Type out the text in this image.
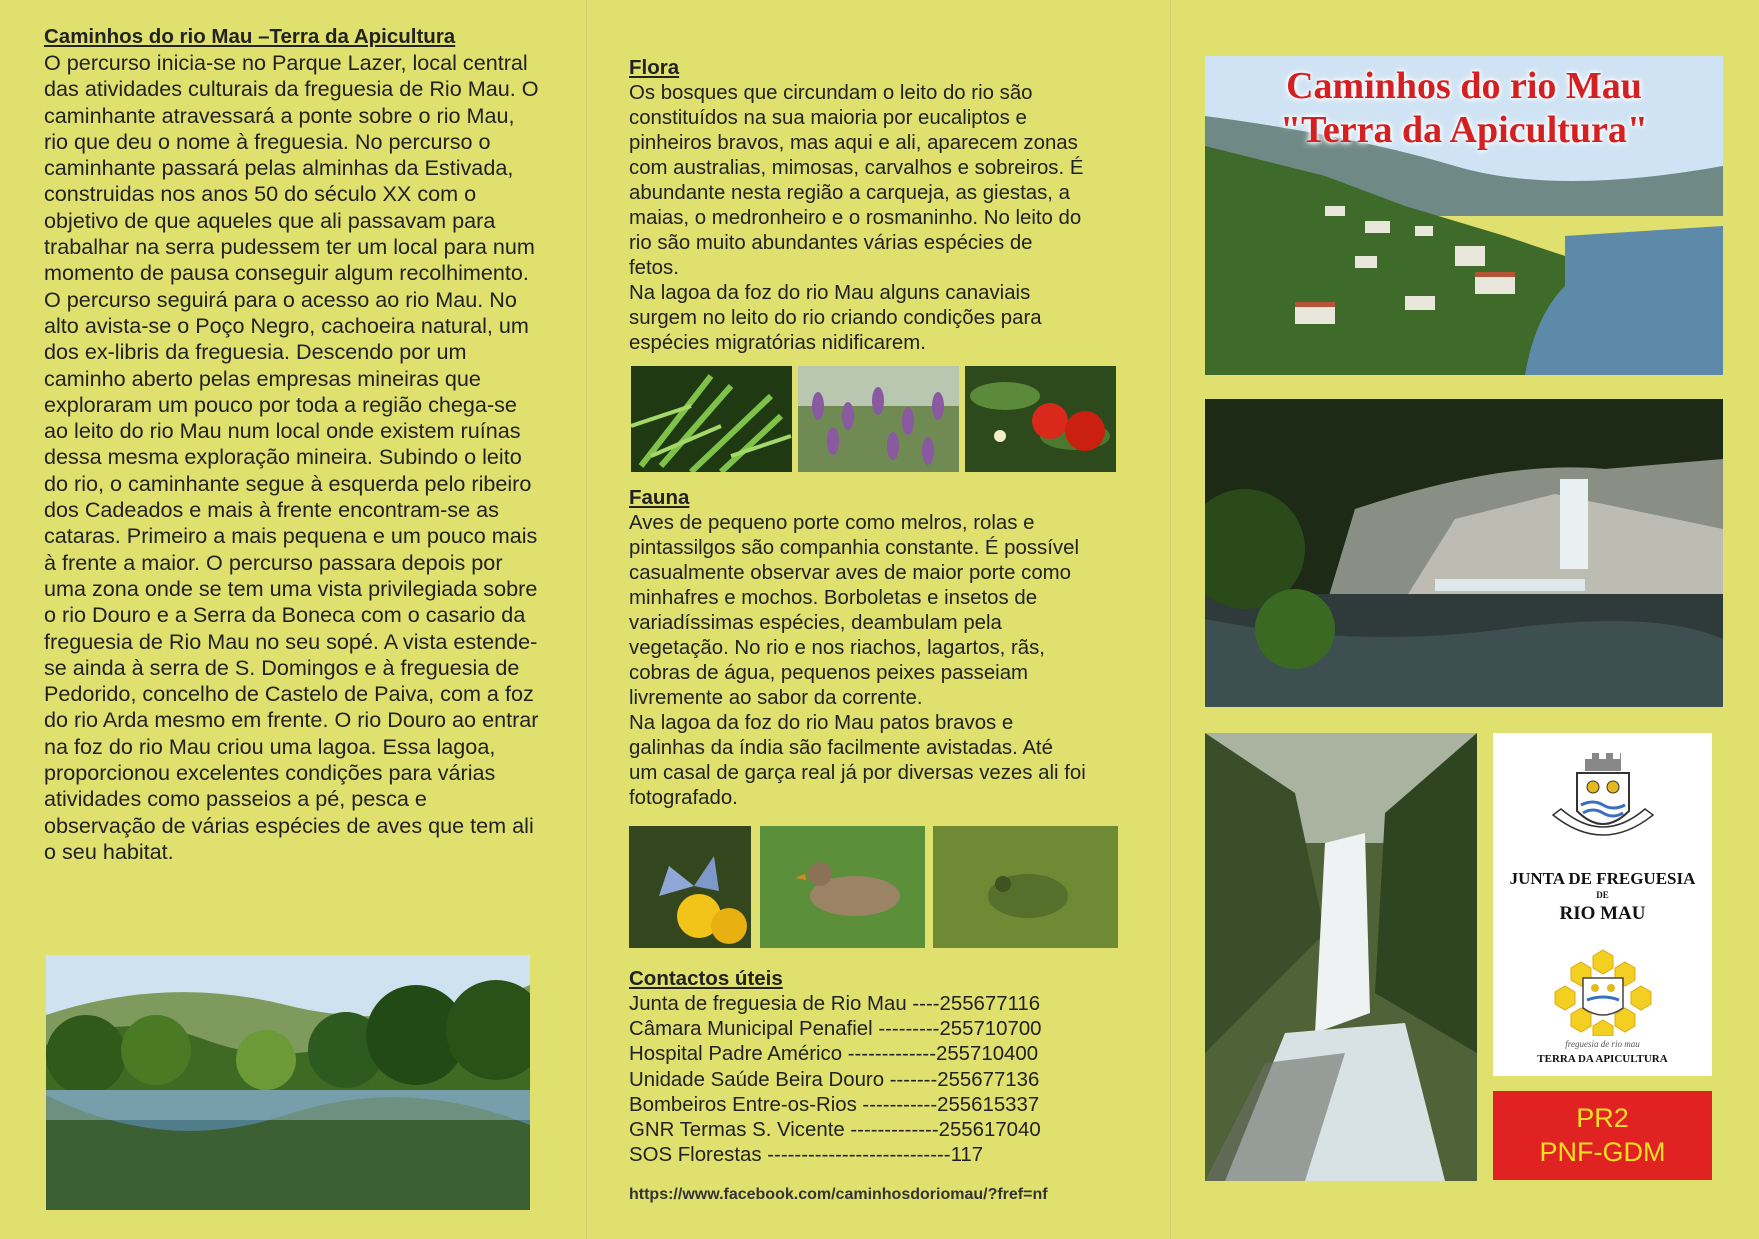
Caminhos do rio Mau –Terra da Apicultura

O percurso inicia-se no Parque Lazer, local central das atividades culturais da freguesia de Rio Mau. O caminhante atravessará a ponte sobre o rio Mau, rio que deu o nome à freguesia. No percurso o caminhante passará pelas alminhas da Estivada, construidas nos anos 50 do século XX com o objetivo de que aqueles que ali passavam para trabalhar na serra pudessem ter um local para num momento de pausa conseguir algum recolhimento. O percurso seguirá para o acesso ao rio Mau. No alto avista-se o Poço Negro, cachoeira natural, um dos ex-libris da freguesia. Descendo por um caminho aberto pelas empresas mineiras que exploraram um pouco por toda a região chega-se ao leito do rio Mau num local onde existem ruínas dessa mesma exploração mineira. Subindo o leito do rio, o caminhante segue à esquerda pelo ribeiro dos Cadeados e mais à frente encontram-se as cataras. Primeiro a mais pequena e um pouco mais à frente a maior. O percurso passara depois por uma zona onde se tem uma vista privilegiada sobre o rio Douro e a Serra da Boneca com o casario da freguesia de Rio Mau no seu sopé. A vista estende-se ainda à serra de S. Domingos e à freguesia de Pedorido, concelho de Castelo de Paiva, com a foz do rio Arda mesmo em frente. O rio Douro ao entrar na foz do rio Mau criou uma lagoa. Essa lagoa, proporcionou excelentes condições para várias atividades como passeios a pé, pesca e observação de várias espécies de aves que tem ali o seu habitat.

Flora

Os bosques que circundam o leito do rio são
constituídos na sua maioria por eucaliptos e
pinheiros bravos, mas aqui e ali, aparecem zonas
com australias, mimosas, carvalhos e sobreiros. É
abundante nesta região a carqueja, as giestas, a
maias, o medronheiro e o rosmaninho. No leito do
rio são muito abundantes várias espécies de
fetos.
Na lagoa da foz do rio Mau alguns canaviais
surgem no leito do rio criando condições para
espécies migratórias nidificarem.

Fauna

Aves de pequeno porte como melros, rolas e
pintassilgos são companhia constante. É possível
casualmente observar aves de maior porte como
minhafres e mochos. Borboletas e insetos de
variadíssimas espécies, deambulam pela
vegetação. No rio e nos riachos, lagartos, rãs,
cobras de água, pequenos peixes passeiam
livremente ao sabor da corrente.
Na lagoa da foz do rio Mau patos bravos e
galinhas da índia são facilmente avistadas. Até
um casal de garça real já por diversas vezes ali foi
fotografado.

Contactos úteis

Junta de freguesia de Rio Mau ----255677116

Câmara Municipal Penafiel ---------255710700

Hospital Padre Américo -------------255710400

Unidade Saúde Beira Douro -------255677136

Bombeiros Entre-os-Rios -----------255615337

GNR Termas S. Vicente -------------255617040

SOS Florestas ---------------------------117

https://www.facebook.com/caminhosdoriomau/?fref=nf
Caminhos do rio Mau
"Terra da Apicultura"
JUNTA DE FREGUESIA
DE
RIO MAU
freguesia de rio mau
TERRA DA APICULTURA
PR2
PNF-GDM
